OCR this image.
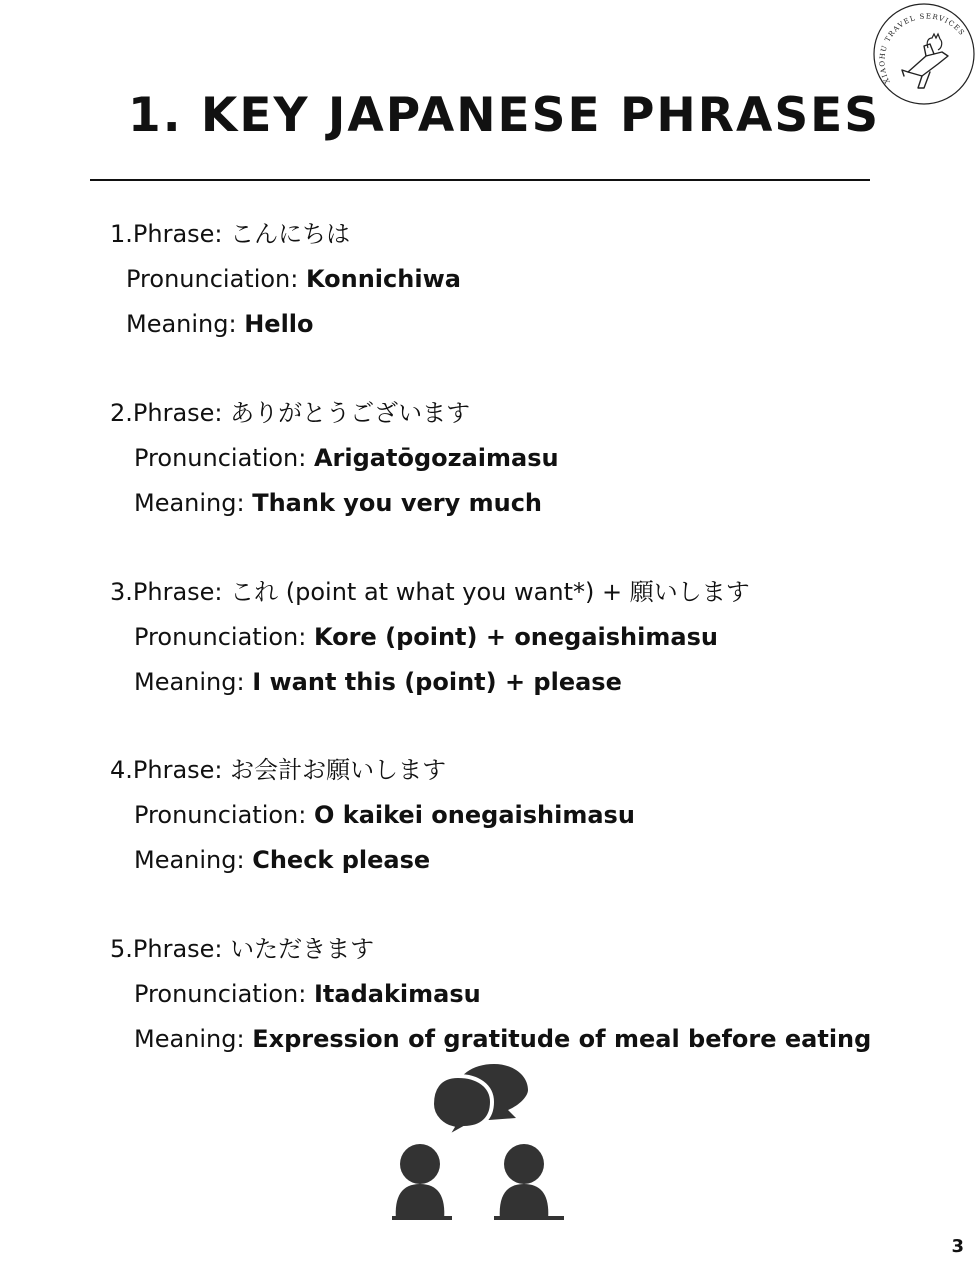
XIAOHU TRAVEL SERVICES
1. KEY JAPANESE PHRASES
1.Phrase: こんにちは
Pronunciation: Konnichiwa
Meaning: Hello
2.Phrase: ありがとうございます
Pronunciation: Arigatōgozaimasu
Meaning: Thank you very much
3.Phrase: これ (point at what you want*) + 願いします
Pronunciation: Kore (point) + onegaishimasu
Meaning: I want this (point) + please
4.Phrase: お会計お願いします
Pronunciation: O kaikei onegaishimasu
Meaning: Check please
5.Phrase: いただきます
Pronunciation: Itadakimasu
Meaning: Expression of gratitude of meal before eating
3
